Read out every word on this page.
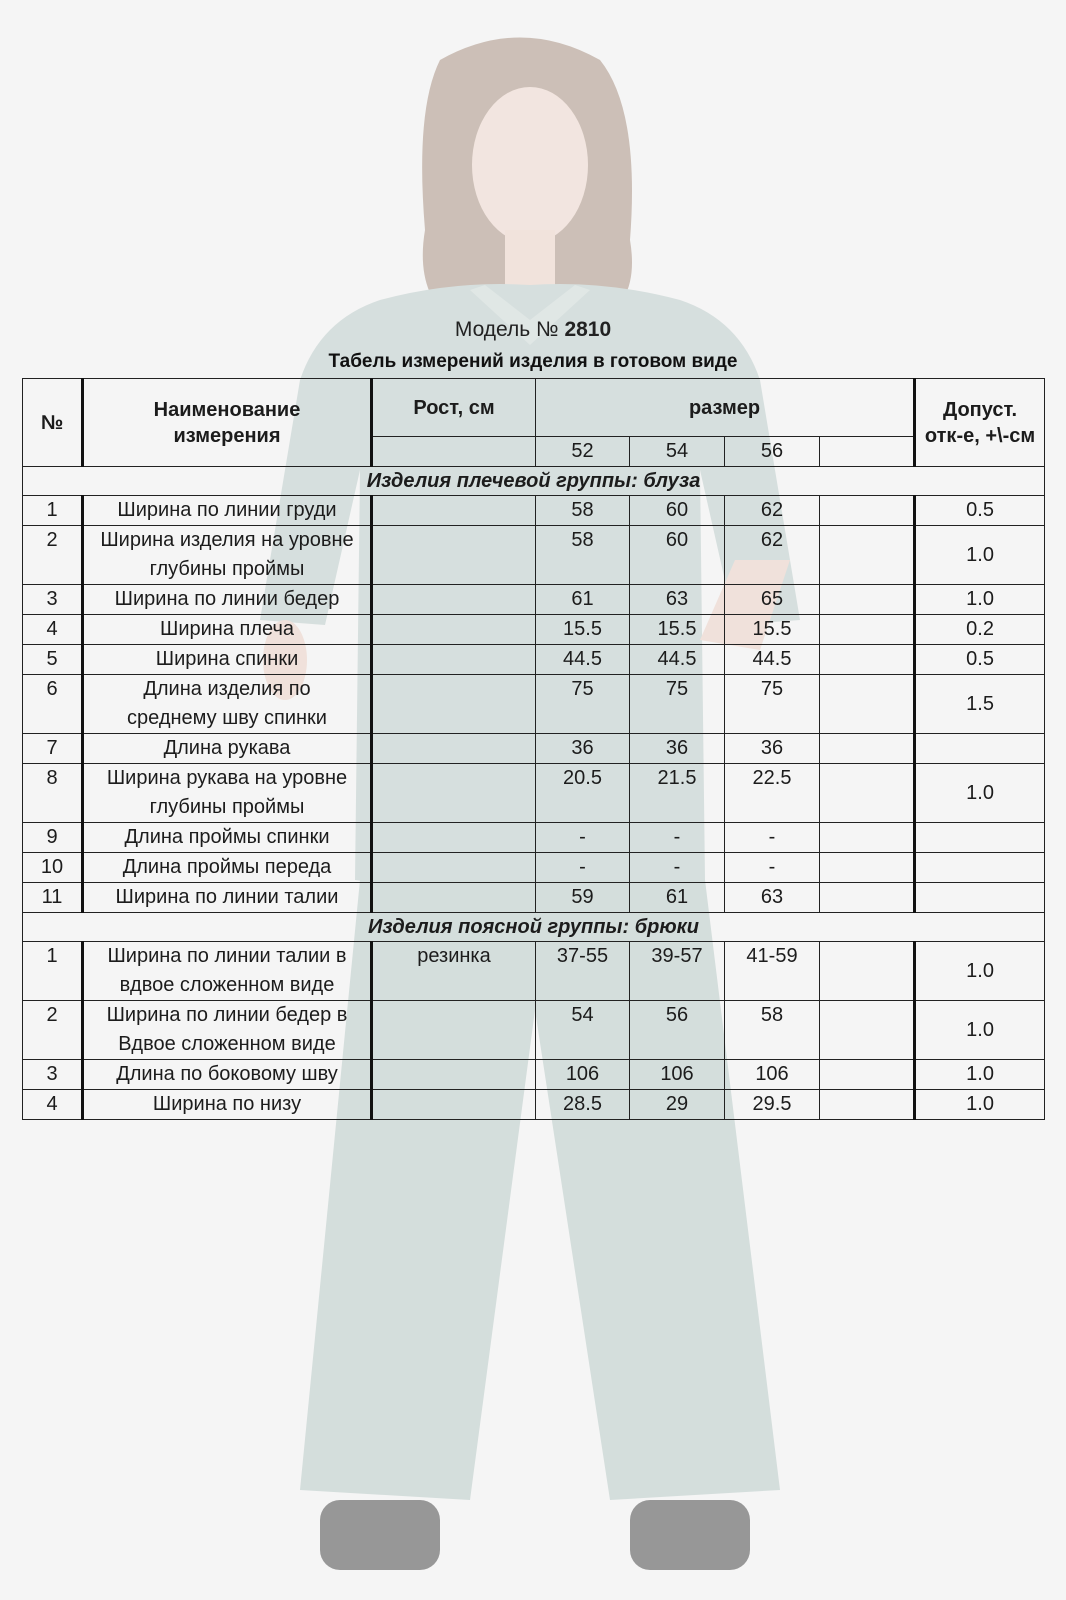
Модель № 2810
Табель измерений изделия в готовом виде
№	Наименование измерения	Рост, см	размер				Допуст. отк-е, +\-см
			52	54	56		
Изделия плечевой группы: блуза							
1	Ширина по линии груди		58	60	62		0.5
2	Ширина изделия на уровне глубины проймы		58	60	62		1.0
3	Ширина по линии бедер		61	63	65		1.0
4	Ширина плеча		15.5	15.5	15.5		0.2
5	Ширина спинки		44.5	44.5	44.5		0.5
6	Длина изделия по среднему шву спинки		75	75	75		1.5
7	Длина рукава		36	36	36		
8	Ширина рукава на уровне глубины проймы		20.5	21.5	22.5		1.0
9	Длина проймы спинки		-	-	-		
10	Длина проймы переда		-	-	-		
11	Ширина по линии талии		59	61	63		
Изделия поясной группы: брюки							
1	Ширина по линии талии в вдвое сложенном виде	резинка	37-55	39-57	41-59		1.0
2	Ширина по линии бедер в Вдвое сложенном виде		54	56	58		1.0
3	Длина по боковому шву		106	106	106		1.0
4	Ширина по низу		28.5	29	29.5		1.0
